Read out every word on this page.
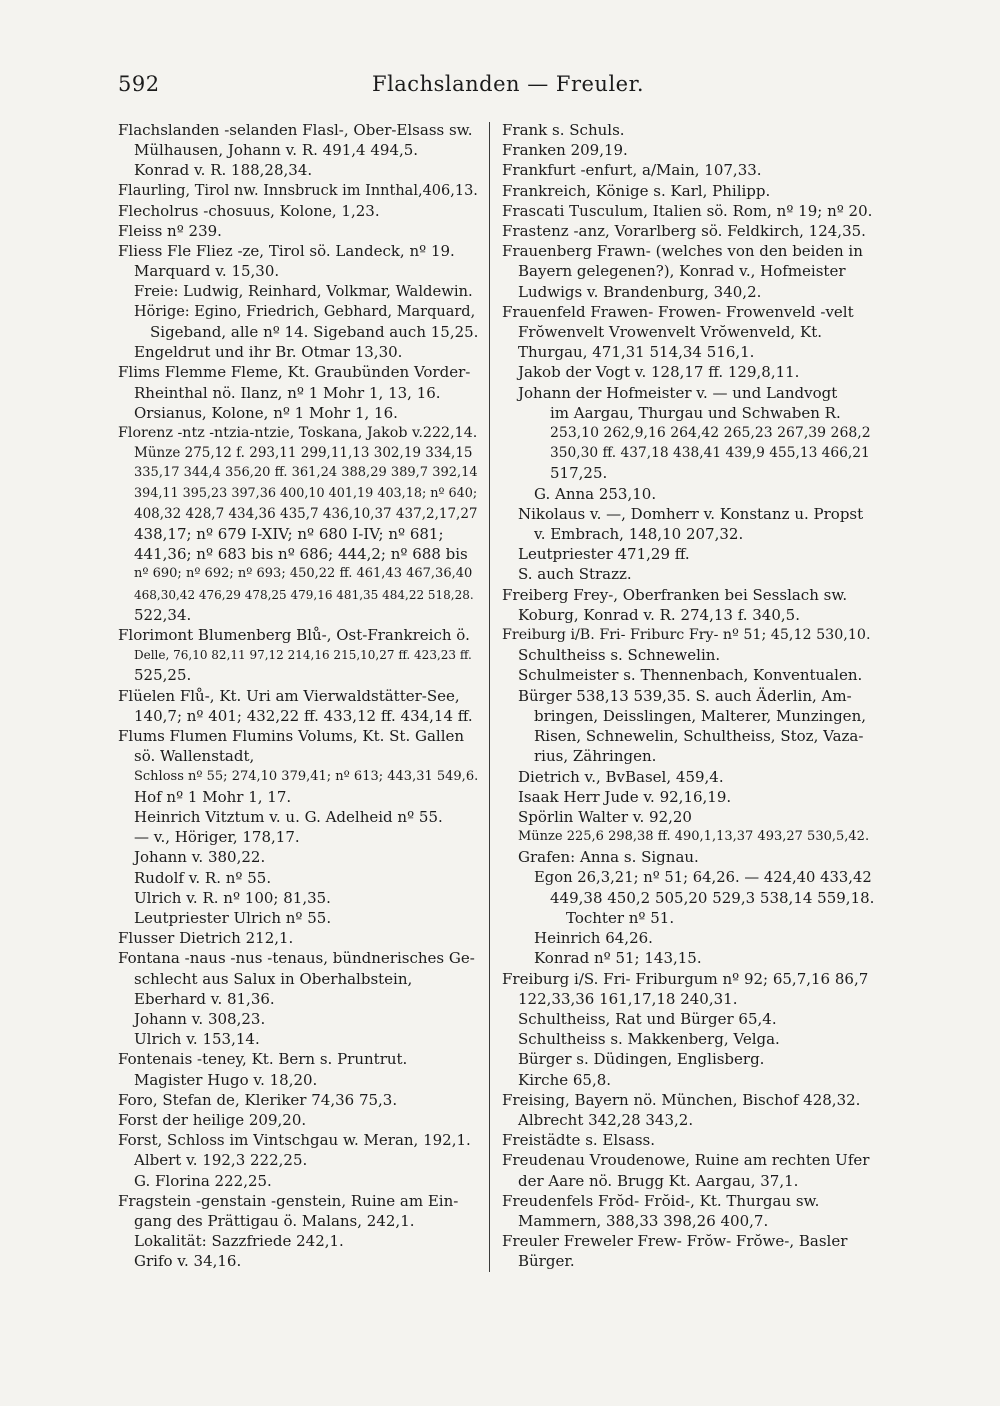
592	Flachslanden — Freuler.
Flachslanden -selanden Flasl-, Ober-Elsass sw.
Mülhausen, Johann v. R. 491,4 494,5.
Konrad v. R. 188,28,34.
Flaurling, Tirol nw. Innsbruck im Innthal,406,13.
Flecholrus -chosuus, Kolone, 1,23.
Fleiss nº 239.
Fliess Fle Fliez -ze, Tirol sö. Landeck, nº 19.
Marquard v. 15,30.
Freie: Ludwig, Reinhard, Volkmar, Waldewin.
Hörige: Egino, Friedrich, Gebhard, Marquard,
Sigeband, alle nº 14. Sigeband auch 15,25.
Engeldrut und ihr Br. Otmar 13,30.
Flims Flemme Fleme, Kt. Graubünden Vorder-
Rheinthal nö. Ilanz, nº 1 Mohr 1, 13, 16.
Orsianus, Kolone, nº 1 Mohr 1, 16.
Florenz -ntz -ntzia-ntzie, Toskana, Jakob v.222,14.
Münze 275,12 f. 293,11 299,11,13 302,19 334,15
335,17 344,4 356,20 ff. 361,24 388,29 389,7 392,14
394,11 395,23 397,36 400,10 401,19 403,18; nº 640;
408,32 428,7 434,36 435,7 436,10,37 437,2,17,27
438,17; nº 679 I-XIV; nº 680 I-IV; nº 681;
441,36; nº 683 bis nº 686; 444,2; nº 688 bis
nº 690; nº 692; nº 693; 450,22 ff. 461,43 467,36,40
468,30,42 476,29 478,25 479,16 481,35 484,22 518,28.
522,34.
Florimont Blumenberg Blů-, Ost-Frankreich ö.
Delle, 76,10 82,11 97,12 214,16 215,10,27 ff. 423,23 ff.
525,25.
Flüelen Flů-, Kt. Uri am Vierwaldstätter-See,
140,7; nº 401; 432,22 ff. 433,12 ff. 434,14 ff.
Flums Flumen Flumins Volums, Kt. St. Gallen
sö. Wallenstadt,
Schloss nº 55; 274,10 379,41; nº 613; 443,31 549,6.
Hof nº 1 Mohr 1, 17.
Heinrich Vitztum v. u. G. Adelheid nº 55.
— v., Höriger, 178,17.
Johann v. 380,22.
Rudolf v. R. nº 55.
Ulrich v. R. nº 100; 81,35.
Leutpriester Ulrich nº 55.
Flusser Dietrich 212,1.
Fontana -naus -nus -tenaus, bündnerisches Ge-
schlecht aus Salux in Oberhalbstein,
Eberhard v. 81,36.
Johann v. 308,23.
Ulrich v. 153,14.
Fontenais -teney, Kt. Bern s. Pruntrut.
Magister Hugo v. 18,20.
Foro, Stefan de, Kleriker 74,36 75,3.
Forst der heilige 209,20.
Forst, Schloss im Vintschgau w. Meran, 192,1.
Albert v. 192,3 222,25.
G. Florina 222,25.
Fragstein -genstain -genstein, Ruine am Ein-
gang des Prättigau ö. Malans, 242,1.
Lokalität: Sazzfriede 242,1.
Grifo v. 34,16.
Frank s. Schuls.
Franken 209,19.
Frankfurt -enfurt, a/Main, 107,33.
Frankreich, Könige s. Karl, Philipp.
Frascati Tusculum, Italien sö. Rom, nº 19; nº 20.
Frastenz -anz, Vorarlberg sö. Feldkirch, 124,35.
Frauenberg Frawn- (welches von den beiden in
Bayern gelegenen?), Konrad v., Hofmeister
Ludwigs v. Brandenburg, 340,2.
Frauenfeld Frawen- Frowen- Frowenveld -velt
Frŏwenvelt Vrowenvelt Vrŏwenveld, Kt.
Thurgau, 471,31 514,34 516,1.
Jakob der Vogt v. 128,17 ff. 129,8,11.
Johann der Hofmeister v. — und Landvogt
im Aargau, Thurgau und Schwaben R.
253,10 262,9,16 264,42 265,23 267,39 268,2
350,30 ff. 437,18 438,41 439,9 455,13 466,21
517,25.
G. Anna 253,10.
Nikolaus v. —, Domherr v. Konstanz u. Propst
v. Embrach, 148,10 207,32.
Leutpriester 471,29 ff.
S. auch Strazz.
Freiberg Frey-, Oberfranken bei Sesslach sw.
Koburg, Konrad v. R. 274,13 f. 340,5.
Freiburg i/B. Fri- Friburc Fry- nº 51; 45,12 530,10.
Schultheiss s. Schnewelin.
Schulmeister s. Thennenbach, Konventualen.
Bürger 538,13 539,35. S. auch Äderlin, Am-
bringen, Deisslingen, Malterer, Munzingen,
Risen, Schnewelin, Schultheiss, Stoz, Vaza-
rius, Zähringen.
Dietrich v., BvBasel, 459,4.
Isaak Herr Jude v. 92,16,19.
Spörlin Walter v. 92,20
Münze 225,6 298,38 ff. 490,1,13,37 493,27 530,5,42.
Grafen: Anna s. Signau.
Egon 26,3,21; nº 51; 64,26. — 424,40 433,42
449,38 450,2 505,20 529,3 538,14 559,18.
Tochter nº 51.
Heinrich 64,26.
Konrad nº 51; 143,15.
Freiburg i/S. Fri- Friburgum nº 92; 65,7,16 86,7
122,33,36 161,17,18 240,31.
Schultheiss, Rat und Bürger 65,4.
Schultheiss s. Makkenberg, Velga.
Bürger s. Düdingen, Englisberg.
Kirche 65,8.
Freising, Bayern nö. München, Bischof 428,32.
Albrecht 342,28 343,2.
Freistädte s. Elsass.
Freudenau Vroudenowe, Ruine am rechten Ufer
der Aare nö. Brugg Kt. Aargau, 37,1.
Freudenfels Frŏd- Frŏid-, Kt. Thurgau sw.
Mammern, 388,33 398,26 400,7.
Freuler Freweler Frew- Frŏw- Frŏwe-, Basler
Bürger.
